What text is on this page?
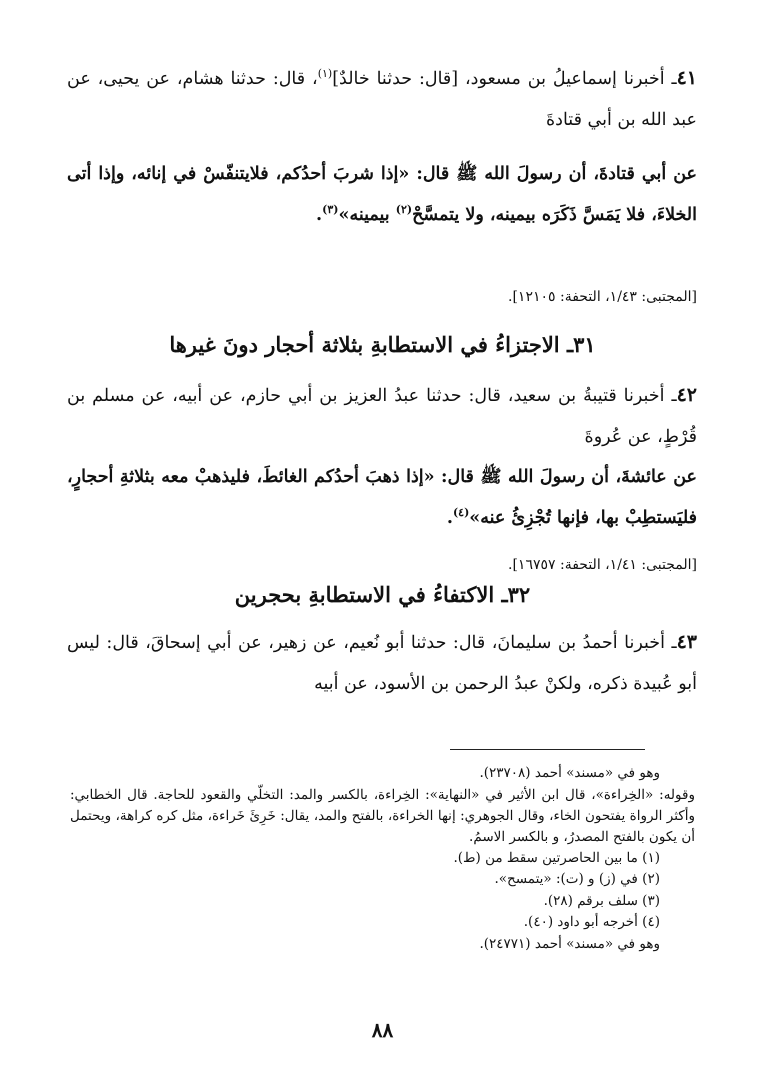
٤١ـ أخبرنا إسماعيلُ بن مسعود، [قال: حدثنا خالدٌ]$^{(١)}$، قال: حدثنا هشام، عن يحيى، عن عبد الله بن أبي قتادةَ

عن أبي قتادةَ، أن رسولَ الله ﷺ قال: «إذا شربَ أحدُكم، فلايتنفّسْ في إنائه، وإذا أتى الخلاءَ، فلا يَمَسَّ ذَكَرَه بيمينه، ولا يتمسَّحْ$^{(٢)}$ بيمينه»$^{(٣)}$.

[المجتبى: ١/٤٣، التحفة: ١٢١٠٥].

٣١ـ الاجتزاءُ في الاستطابةِ بثلاثة أحجار دونَ غيرها

٤٢ـ أخبرنا قتيبةُ بن سعيد، قال: حدثنا عبدُ العزيز بن أبي حازم، عن أبيه، عن مسلم بن قُرْطٍ، عن عُروةَ

عن عائشةَ، أن رسولَ الله ﷺ قال: «إذا ذهبَ أحدُكم الغائطَ، فليذهبْ معه بثلاثةِ أحجارٍ، فليَستطِبْ بها، فإنها تُجْزِئُ عنه»$^{(٤)}$.

[المجتبى: ١/٤١، التحفة: ١٦٧٥٧].

٣٢ـ الاكتفاءُ في الاستطابةِ بحجرين

٤٣ـ أخبرنا أحمدُ بن سليمانَ، قال: حدثنا أبو نُعيم، عن زهير، عن أبي إسحاقَ، قال: ليس أبو عُبيدة ذكره، ولكنْ عبدُ الرحمن بن الأسود، عن أبيه

وهو في «مسند» أحمد (٢٣٧٠٨).

وقوله: «الخِراءة»، قال ابن الأثير في «النهاية»: الخِراءة، بالكسر والمد: التخلّي والقعود للحاجة. قال الخطابي: وأكثر الرواة يفتحون الخاء، وقال الجوهري: إنها الخراءة، بالفتح والمد، يقال: خَرِئَ خَراءة، مثل كره كراهة، ويحتمل أن يكون بالفتح المصدرُ، و بالكسر الاسمُ.

(١) ما بين الحاصرتين سقط من (ط).

(٢) في (ز) و (ت): «يتمسح».

(٣) سلف برقم (٢٨).

(٤) أخرجه أبو داود (٤٠).

وهو في «مسند» أحمد (٢٤٧٧١).

٨٨
